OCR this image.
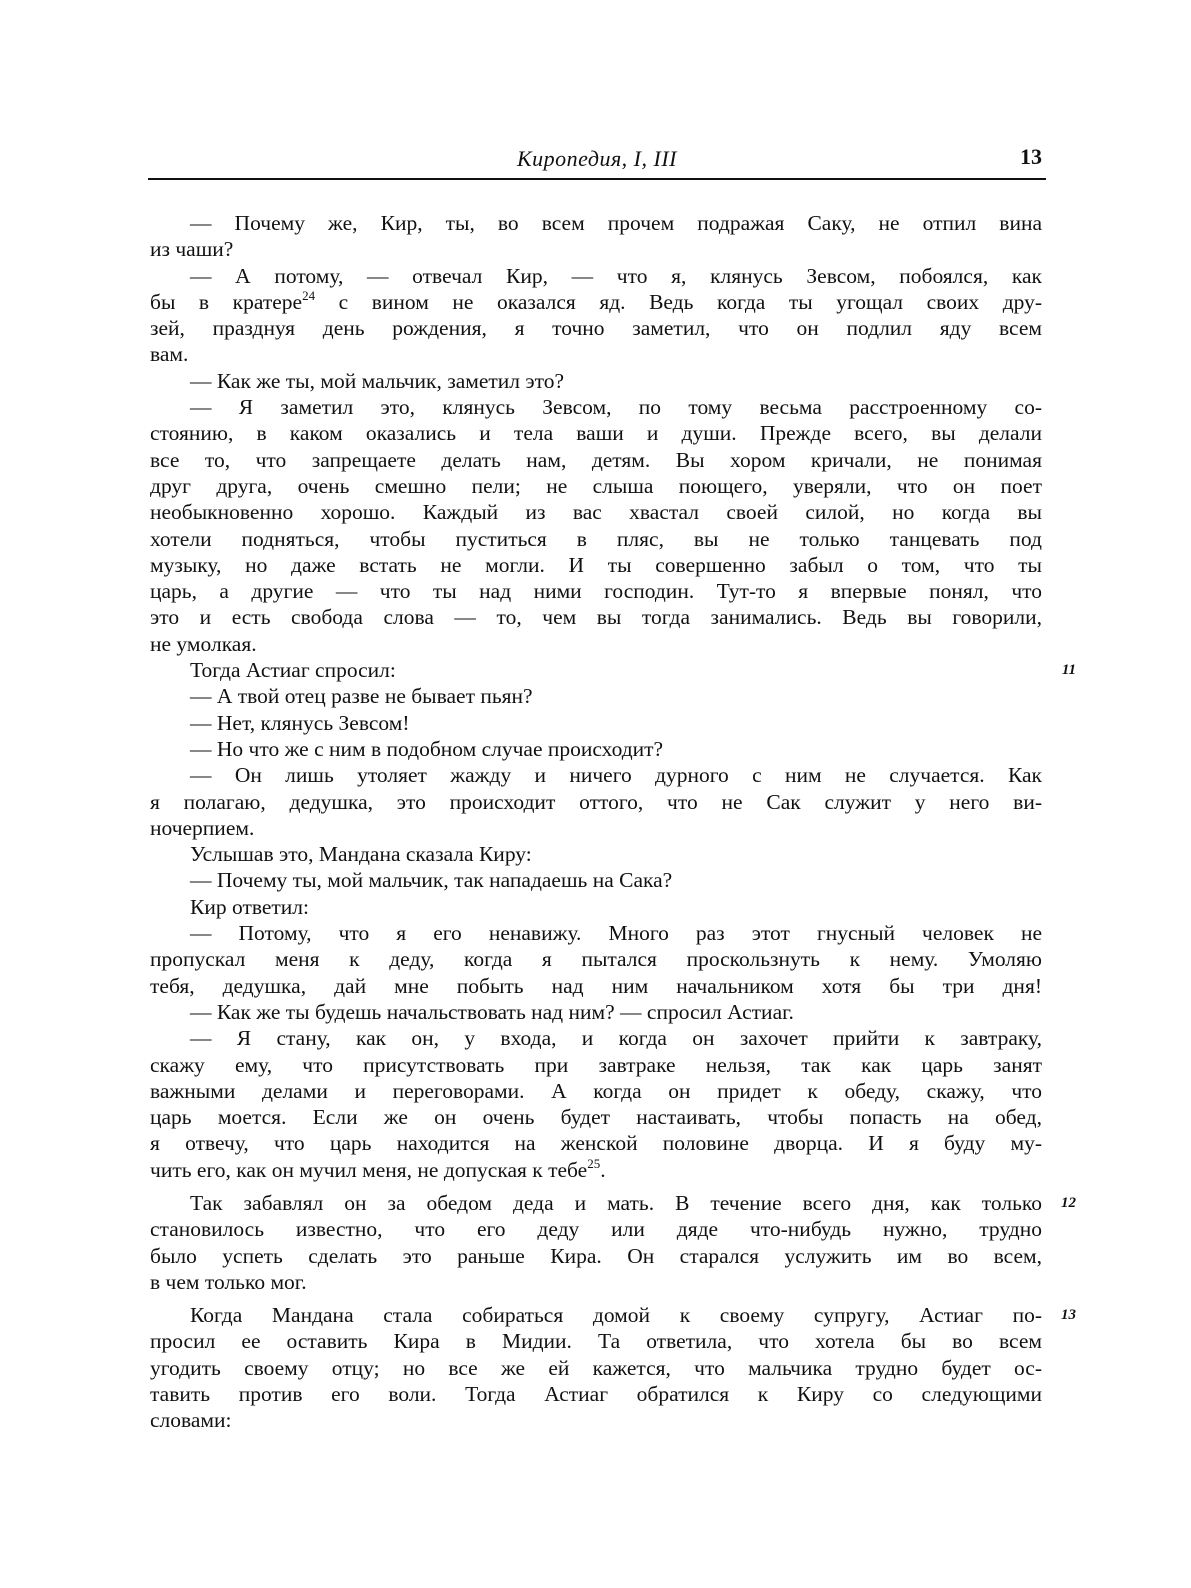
Киропедия, I, III	13
— Почему же, Кир, ты, во всем прочем подражая Саку, не отпил вина
из чаши?
— А потому, — отвечал Кир, — что я, клянусь Зевсом, побоялся, как
бы в кратере$^{24}$ с вином не оказался яд. Ведь когда ты угощал своих дру-
зей, празднуя день рождения, я точно заметил, что он подлил яду всем
вам.
— Как же ты, мой мальчик, заметил это?
— Я заметил это, клянусь Зевсом, по тому весьма расстроенному со-
стоянию, в каком оказались и тела ваши и души. Прежде всего, вы делали
все то, что запрещаете делать нам, детям. Вы хором кричали, не понимая
друг друга, очень смешно пели; не слыша поющего, уверяли, что он поет
необыкновенно хорошо. Каждый из вас хвастал своей силой, но когда вы
хотели подняться, чтобы пуститься в пляс, вы не только танцевать под
музыку, но даже встать не могли. И ты совершенно забыл о том, что ты
царь, а другие — что ты над ними господин. Тут-то я впервые понял, что
это и есть свобода слова — то, чем вы тогда занимались. Ведь вы говорили,
не умолкая.
Тогда Астиаг спросил:	11
— А твой отец разве не бывает пьян?
— Нет, клянусь Зевсом!
— Но что же с ним в подобном случае происходит?
— Он лишь утоляет жажду и ничего дурного с ним не случается. Как
я полагаю, дедушка, это происходит оттого, что не Сак служит у него ви-
ночерпием.
Услышав это, Мандана сказала Киру:
— Почему ты, мой мальчик, так нападаешь на Сака?
Кир ответил:
— Потому, что я его ненавижу. Много раз этот гнусный человек не
пропускал меня к деду, когда я пытался проскользнуть к нему. Умоляю
тебя, дедушка, дай мне побыть над ним начальником хотя бы три дня!
— Как же ты будешь начальствовать над ним? — спросил Астиаг.
— Я стану, как он, у входа, и когда он захочет прийти к завтраку,
скажу ему, что присутствовать при завтраке нельзя, так как царь занят
важными делами и переговорами. А когда он придет к обеду, скажу, что
царь моется. Если же он очень будет настаивать, чтобы попасть на обед,
я отвечу, что царь находится на женской половине дворца. И я буду му-
чить его, как он мучил меня, не допуская к тебе$^{25}$.
Так забавлял он за обедом деда и мать. В течение всего дня, как только 12
становилось известно, что его деду или дяде что-нибудь нужно, трудно
было успеть сделать это раньше Кира. Он старался услужить им во всем,
в чем только мог.
Когда Мандана стала собираться домой к своему супругу, Астиаг по- 13
просил ее оставить Кира в Мидии. Та ответила, что хотела бы во всем
угодить своему отцу; но все же ей кажется, что мальчика трудно будет ос-
тавить против его воли. Тогда Астиаг обратился к Киру со следующими
словами:
